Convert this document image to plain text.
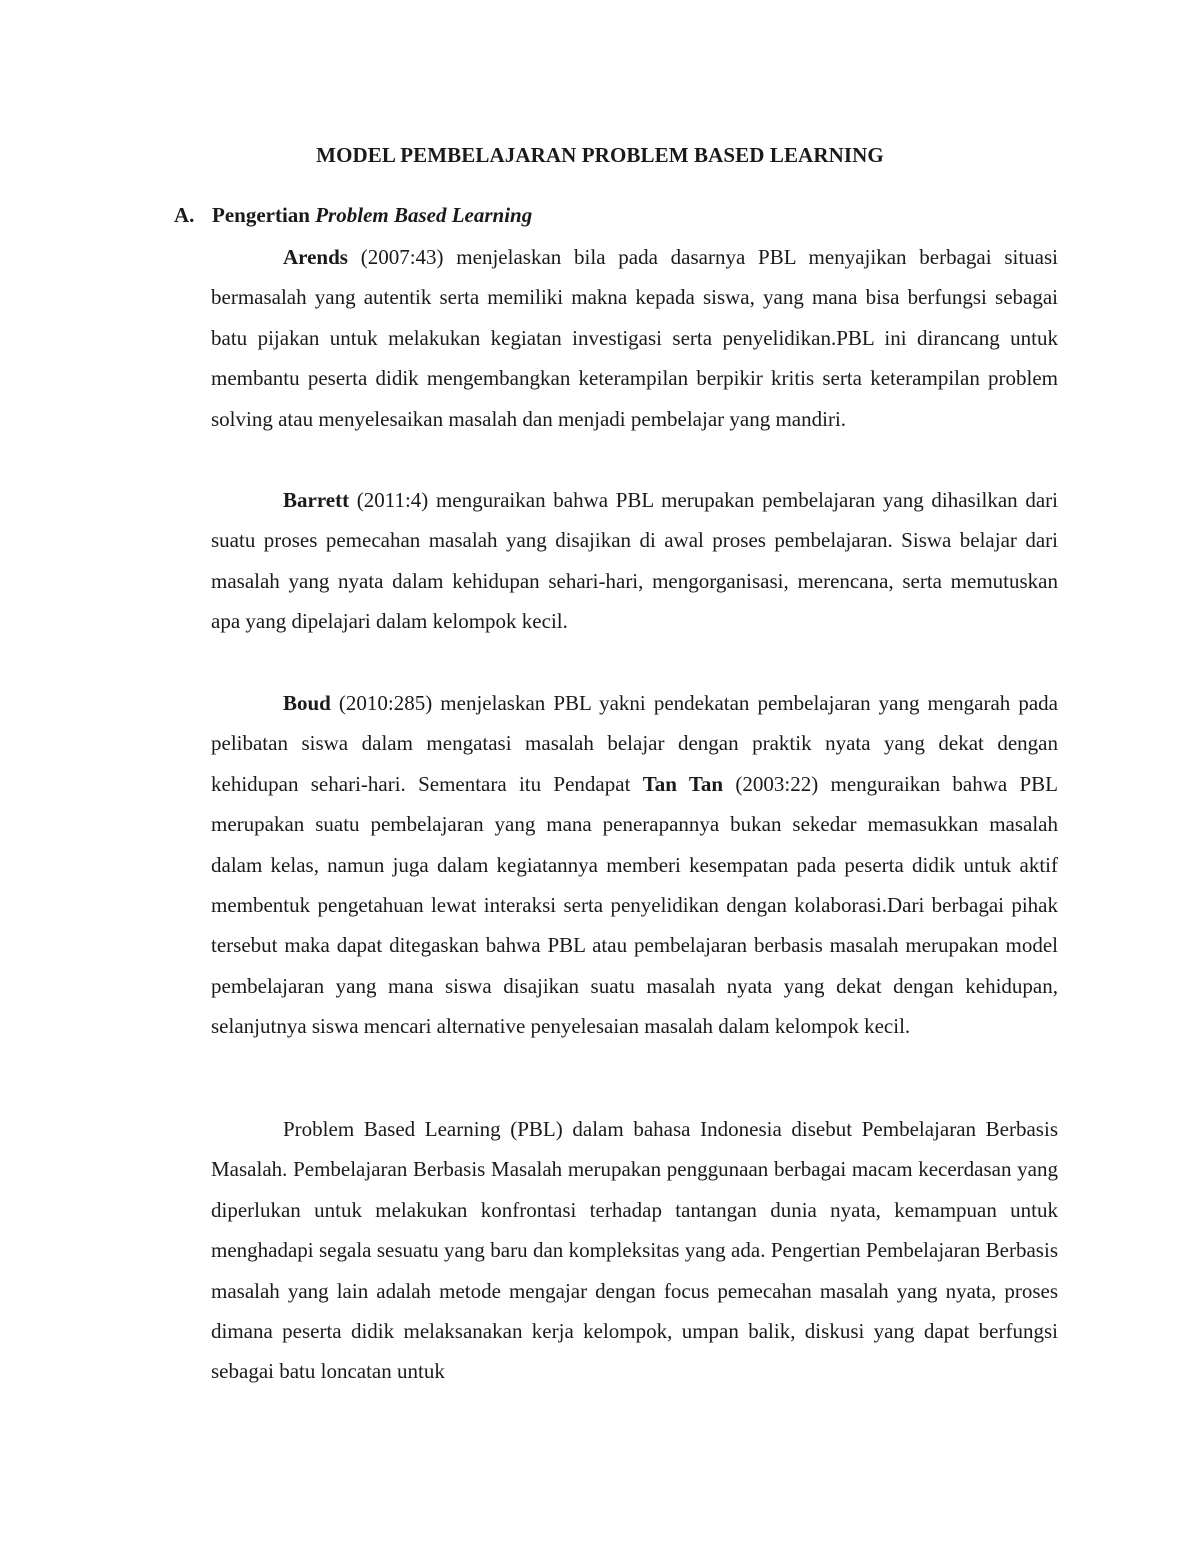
MODEL PEMBELAJARAN PROBLEM BASED LEARNING
A. Pengertian Problem Based Learning

Arends (2007:43) menjelaskan bila pada dasarnya PBL menyajikan berbagai situasi bermasalah yang autentik serta memiliki makna kepada siswa, yang mana bisa berfungsi sebagai batu pijakan untuk melakukan kegiatan investigasi serta penyelidikan.PBL ini dirancang untuk membantu peserta didik mengembangkan keterampilan berpikir kritis serta keterampilan problem solving atau menyelesaikan masalah dan menjadi pembelajar yang mandiri.

Barrett (2011:4) menguraikan bahwa PBL merupakan pembelajaran yang dihasilkan dari suatu proses pemecahan masalah yang disajikan di awal proses pembelajaran. Siswa belajar dari masalah yang nyata dalam kehidupan sehari-hari, mengorganisasi, merencana, serta memutuskan apa yang dipelajari dalam kelompok kecil.

Boud (2010:285) menjelaskan PBL yakni pendekatan pembelajaran yang mengarah pada pelibatan siswa dalam mengatasi masalah belajar dengan praktik nyata yang dekat dengan kehidupan sehari-hari. Sementara itu Pendapat Tan Tan (2003:22) menguraikan bahwa PBL merupakan suatu pembelajaran yang mana penerapannya bukan sekedar memasukkan masalah dalam kelas, namun juga dalam kegiatannya memberi kesempatan pada peserta didik untuk aktif membentuk pengetahuan lewat interaksi serta penyelidikan dengan kolaborasi.Dari berbagai pihak tersebut maka dapat ditegaskan bahwa PBL atau pembelajaran berbasis masalah merupakan model pembelajaran yang mana siswa disajikan suatu masalah nyata yang dekat dengan kehidupan, selanjutnya siswa mencari alternative penyelesaian masalah dalam kelompok kecil.

Problem Based Learning (PBL) dalam bahasa Indonesia disebut Pembelajaran Berbasis Masalah. Pembelajaran Berbasis Masalah merupakan penggunaan berbagai macam kecerdasan yang diperlukan untuk melakukan konfrontasi terhadap tantangan dunia nyata, kemampuan untuk menghadapi segala sesuatu yang baru dan kompleksitas yang ada. Pengertian Pembelajaran Berbasis masalah yang lain adalah metode mengajar dengan focus pemecahan masalah yang nyata, proses dimana peserta didik melaksanakan kerja kelompok, umpan balik, diskusi yang dapat berfungsi sebagai batu loncatan untuk
